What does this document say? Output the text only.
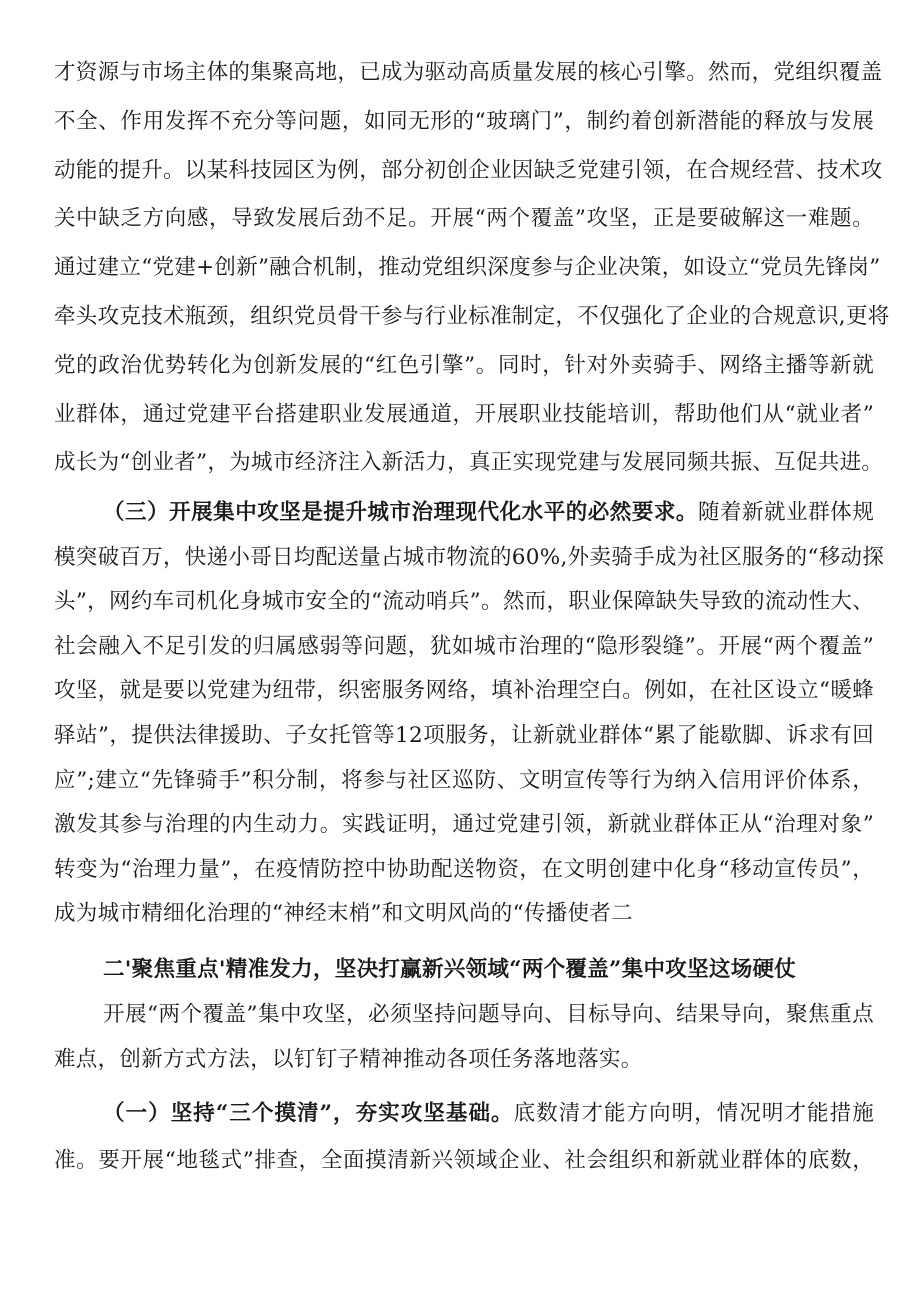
才资源与市场主体的集聚高地，已成为驱动高质量发展的核心引擎。然而，党组织覆盖
不全、作用发挥不充分等问题，如同无形的“玻璃门”，制约着创新潜能的释放与发展
动能的提升。以某科技园区为例，部分初创企业因缺乏党建引领，在合规经营、技术攻
关中缺乏方向感，导致发展后劲不足。开展“两个覆盖”攻坚，正是要破解这一难题。
通过建立“党建+创新”融合机制，推动党组织深度参与企业决策，如设立“党员先锋岗”
牵头攻克技术瓶颈，组织党员骨干参与行业标准制定，不仅强化了企业的合规意识,更将
党的政治优势转化为创新发展的“红色引擎”。同时，针对外卖骑手、网络主播等新就
业群体，通过党建平台搭建职业发展通道，开展职业技能培训，帮助他们从“就业者”
成长为“创业者”，为城市经济注入新活力，真正实现党建与发展同频共振、互促共进。
（三）开展集中攻坚是提升城市治理现代化水平的必然要求。随着新就业群体规
模突破百万，快递小哥日均配送量占城市物流的60%,外卖骑手成为社区服务的“移动探
头”，网约车司机化身城市安全的“流动哨兵”。然而，职业保障缺失导致的流动性大、
社会融入不足引发的归属感弱等问题，犹如城市治理的“隐形裂缝”。开展“两个覆盖”
攻坚，就是要以党建为纽带，织密服务网络，填补治理空白。例如，在社区设立“暖蜂
驿站”，提供法律援助、子女托管等12项服务，让新就业群体“累了能歇脚、诉求有回
应”;建立“先锋骑手”积分制，将参与社区巡防、文明宣传等行为纳入信用评价体系，
激发其参与治理的内生动力。实践证明，通过党建引领，新就业群体正从“治理对象”
转变为“治理力量”，在疫情防控中协助配送物资，在文明创建中化身“移动宣传员”，
成为城市精细化治理的“神经末梢”和文明风尚的“传播使者二
二'聚焦重点'精准发力，坚决打赢新兴领域“两个覆盖”集中攻坚这场硬仗
开展“两个覆盖”集中攻坚，必须坚持问题导向、目标导向、结果导向，聚焦重点
难点，创新方式方法，以钉钉子精神推动各项任务落地落实。
（一）坚持“三个摸清”，夯实攻坚基础。底数清才能方向明，情况明才能措施
准。要开展“地毯式”排查，全面摸清新兴领域企业、社会组织和新就业群体的底数，
